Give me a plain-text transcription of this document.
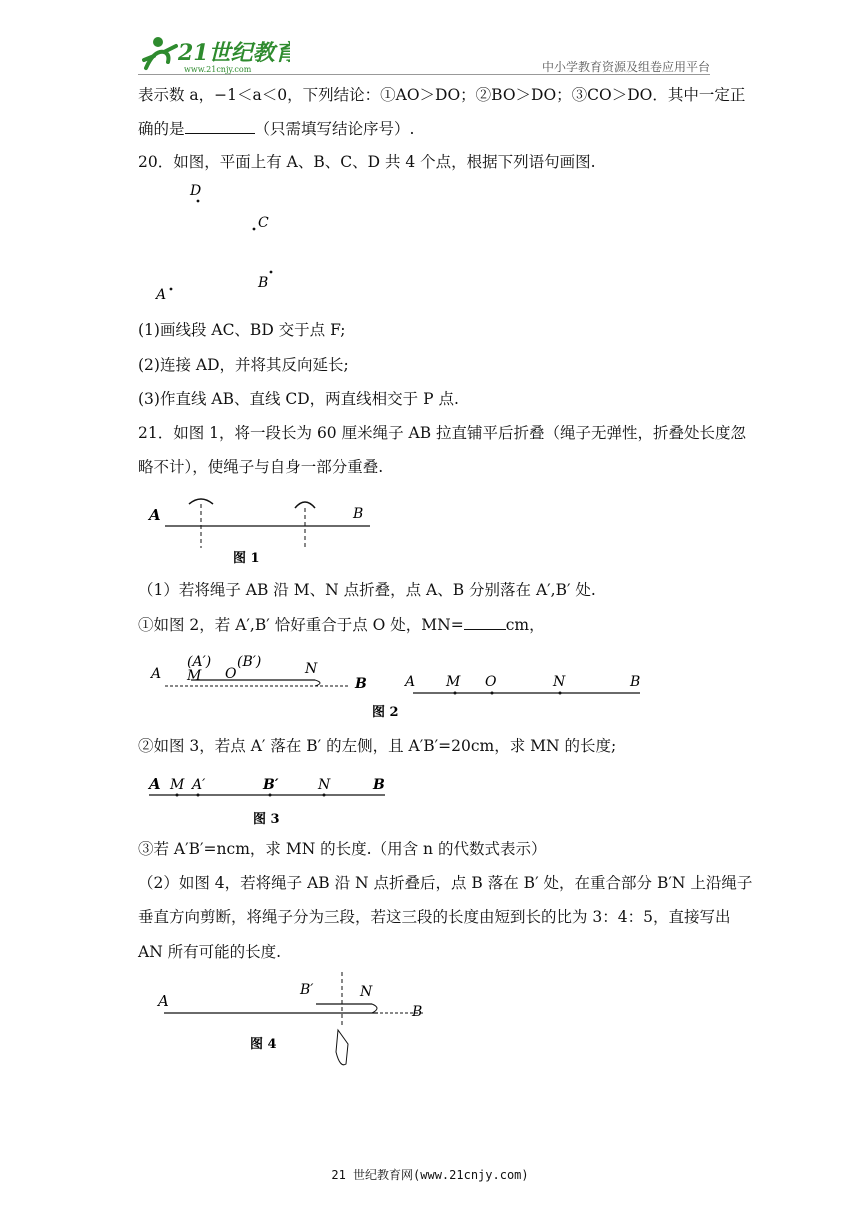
21世纪教育
www.21cnjy.com	中小学教育资源及组卷应用平台
表示数 a，−1＜a＜0，下列结论：①AO＞DO；②BO＞DO；③CO＞DO．其中一定正
确的是	（只需填写结论序号）.
20．如图，平面上有 A、B、C、D 共 4 个点，根据下列语句画图.
D
C
B
A
(1)画线段 AC、BD 交于点 F;
(2)连接 AD，并将其反向延长;
(3)作直线 AB、直线 CD，两直线相交于 P 点.
21．如图 1，将一段长为 60 厘米绳子 AB 拉直铺平后折叠（绳子无弹性，折叠处长度忽
略不计），使绳子与自身一部分重叠.
A	B
图 1
（1）若将绳子 AB 沿 M、N 点折叠，点 A、B 分别落在 A′,B′ 处.
①如图 2，若 A′,B′ 恰好重合于点 O 处，MN=	cm，
A
(A′) (B′)
M O	N
B	A M O	N	B
图 2
②如图 3，若点 A′ 落在 B′ 的左侧，且 A′B′=20cm，求 MN 的长度;
A M A′	B′	N	B
图 3
③若 A′B′=ncm，求 MN 的长度.（用含 n 的代数式表示）
（2）如图 4，若将绳子 AB 沿 N 点折叠后，点 B 落在 B′ 处，在重合部分 B′N 上沿绳子
垂直方向剪断，将绳子分为三段，若这三段的长度由短到长的比为 3：4：5，直接写出
AN 所有可能的长度.
A
B′	N
B
图 4
21 世纪教育网(www.21cnjy.com)
